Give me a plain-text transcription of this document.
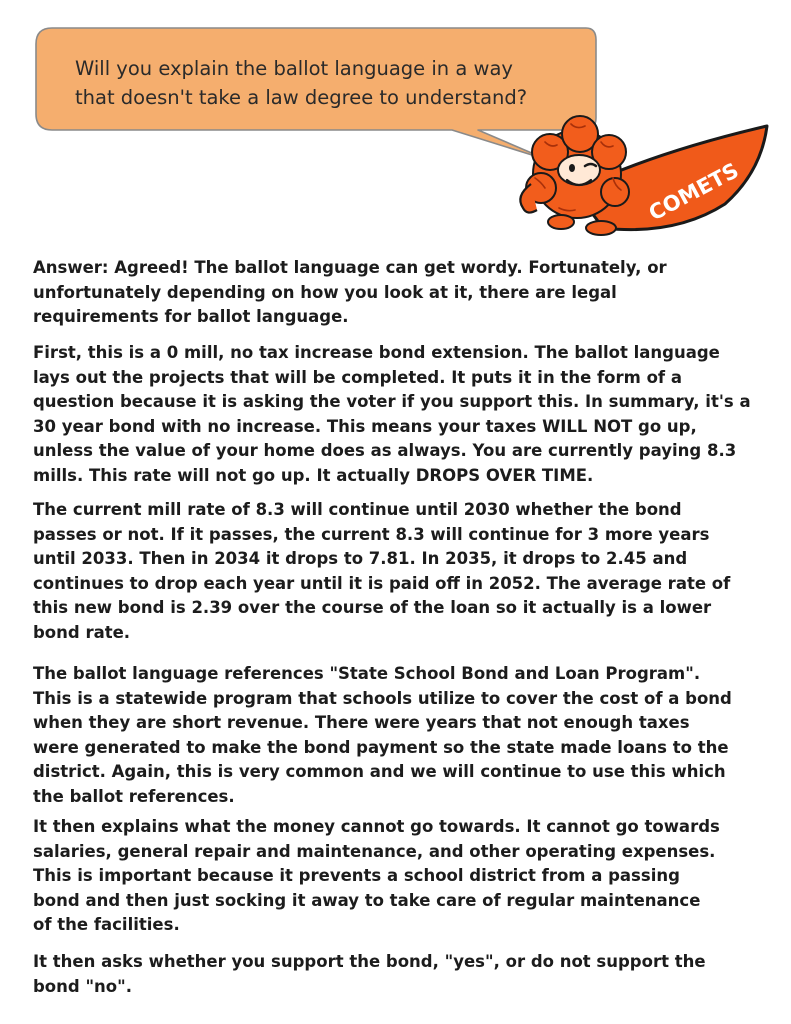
Will you explain the ballot language in a way
that doesn't take a law degree to understand?
COMETS
Answer: Agreed! The ballot language can get wordy. Fortunately, or
unfortunately depending on how you look at it, there are legal
requirements for ballot language.
First, this is a 0 mill, no tax increase bond extension. The ballot language
lays out the projects that will be completed. It puts it in the form of a
question because it is asking the voter if you support this. In summary, it's a
30 year bond with no increase. This means your taxes WILL NOT go up,
unless the value of your home does as always. You are currently paying 8.3
mills. This rate will not go up. It actually DROPS OVER TIME.
The current mill rate of 8.3 will continue until 2030 whether the bond
passes or not. If it passes, the current 8.3 will continue for 3 more years
until 2033. Then in 2034 it drops to 7.81. In 2035, it drops to 2.45 and
continues to drop each year until it is paid off in 2052. The average rate of
this new bond is 2.39 over the course of the loan so it actually is a lower
bond rate.
The ballot language references "State School Bond and Loan Program".
This is a statewide program that schools utilize to cover the cost of a bond
when they are short revenue. There were years that not enough taxes
were generated to make the bond payment so the state made loans to the
district. Again, this is very common and we will continue to use this which
the ballot references.
It then explains what the money cannot go towards. It cannot go towards
salaries, general repair and maintenance, and other operating expenses.
This is important because it prevents a school district from a passing
bond and then just socking it away to take care of regular maintenance
of the facilities.
It then asks whether you support the bond, "yes", or do not support the
bond "no".
